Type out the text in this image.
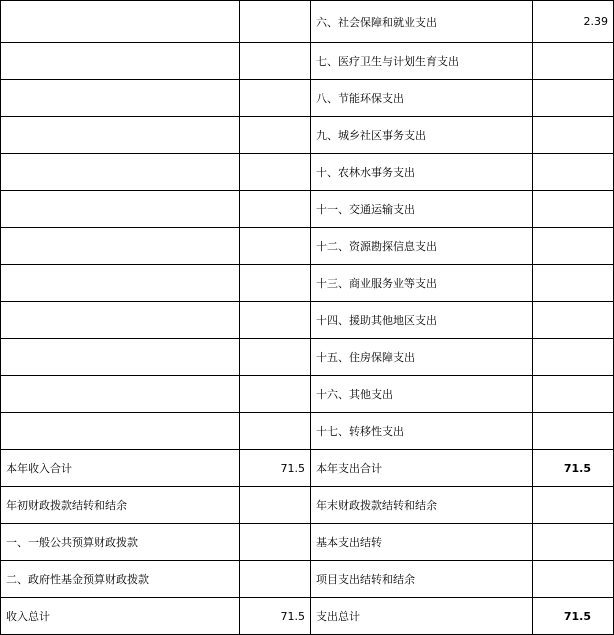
		六、社会保障和就业支出	2.39
		七、医疗卫生与计划生育支出	
		八、节能环保支出	
		九、城乡社区事务支出	
		十、农林水事务支出	
		十一、交通运输支出	
		十二、资源勘探信息支出	
		十三、商业服务业等支出	
		十四、援助其他地区支出	
		十五、住房保障支出	
		十六、其他支出	
		十七、转移性支出	
本年收入合计	71.5	本年支出合计	71.5
年初财政拨款结转和结余		年末财政拨款结转和结余	
一、一般公共预算财政拨款		基本支出结转	
二、政府性基金预算财政拨款		项目支出结转和结余	
收入总计	71.5	支出总计	71.5
